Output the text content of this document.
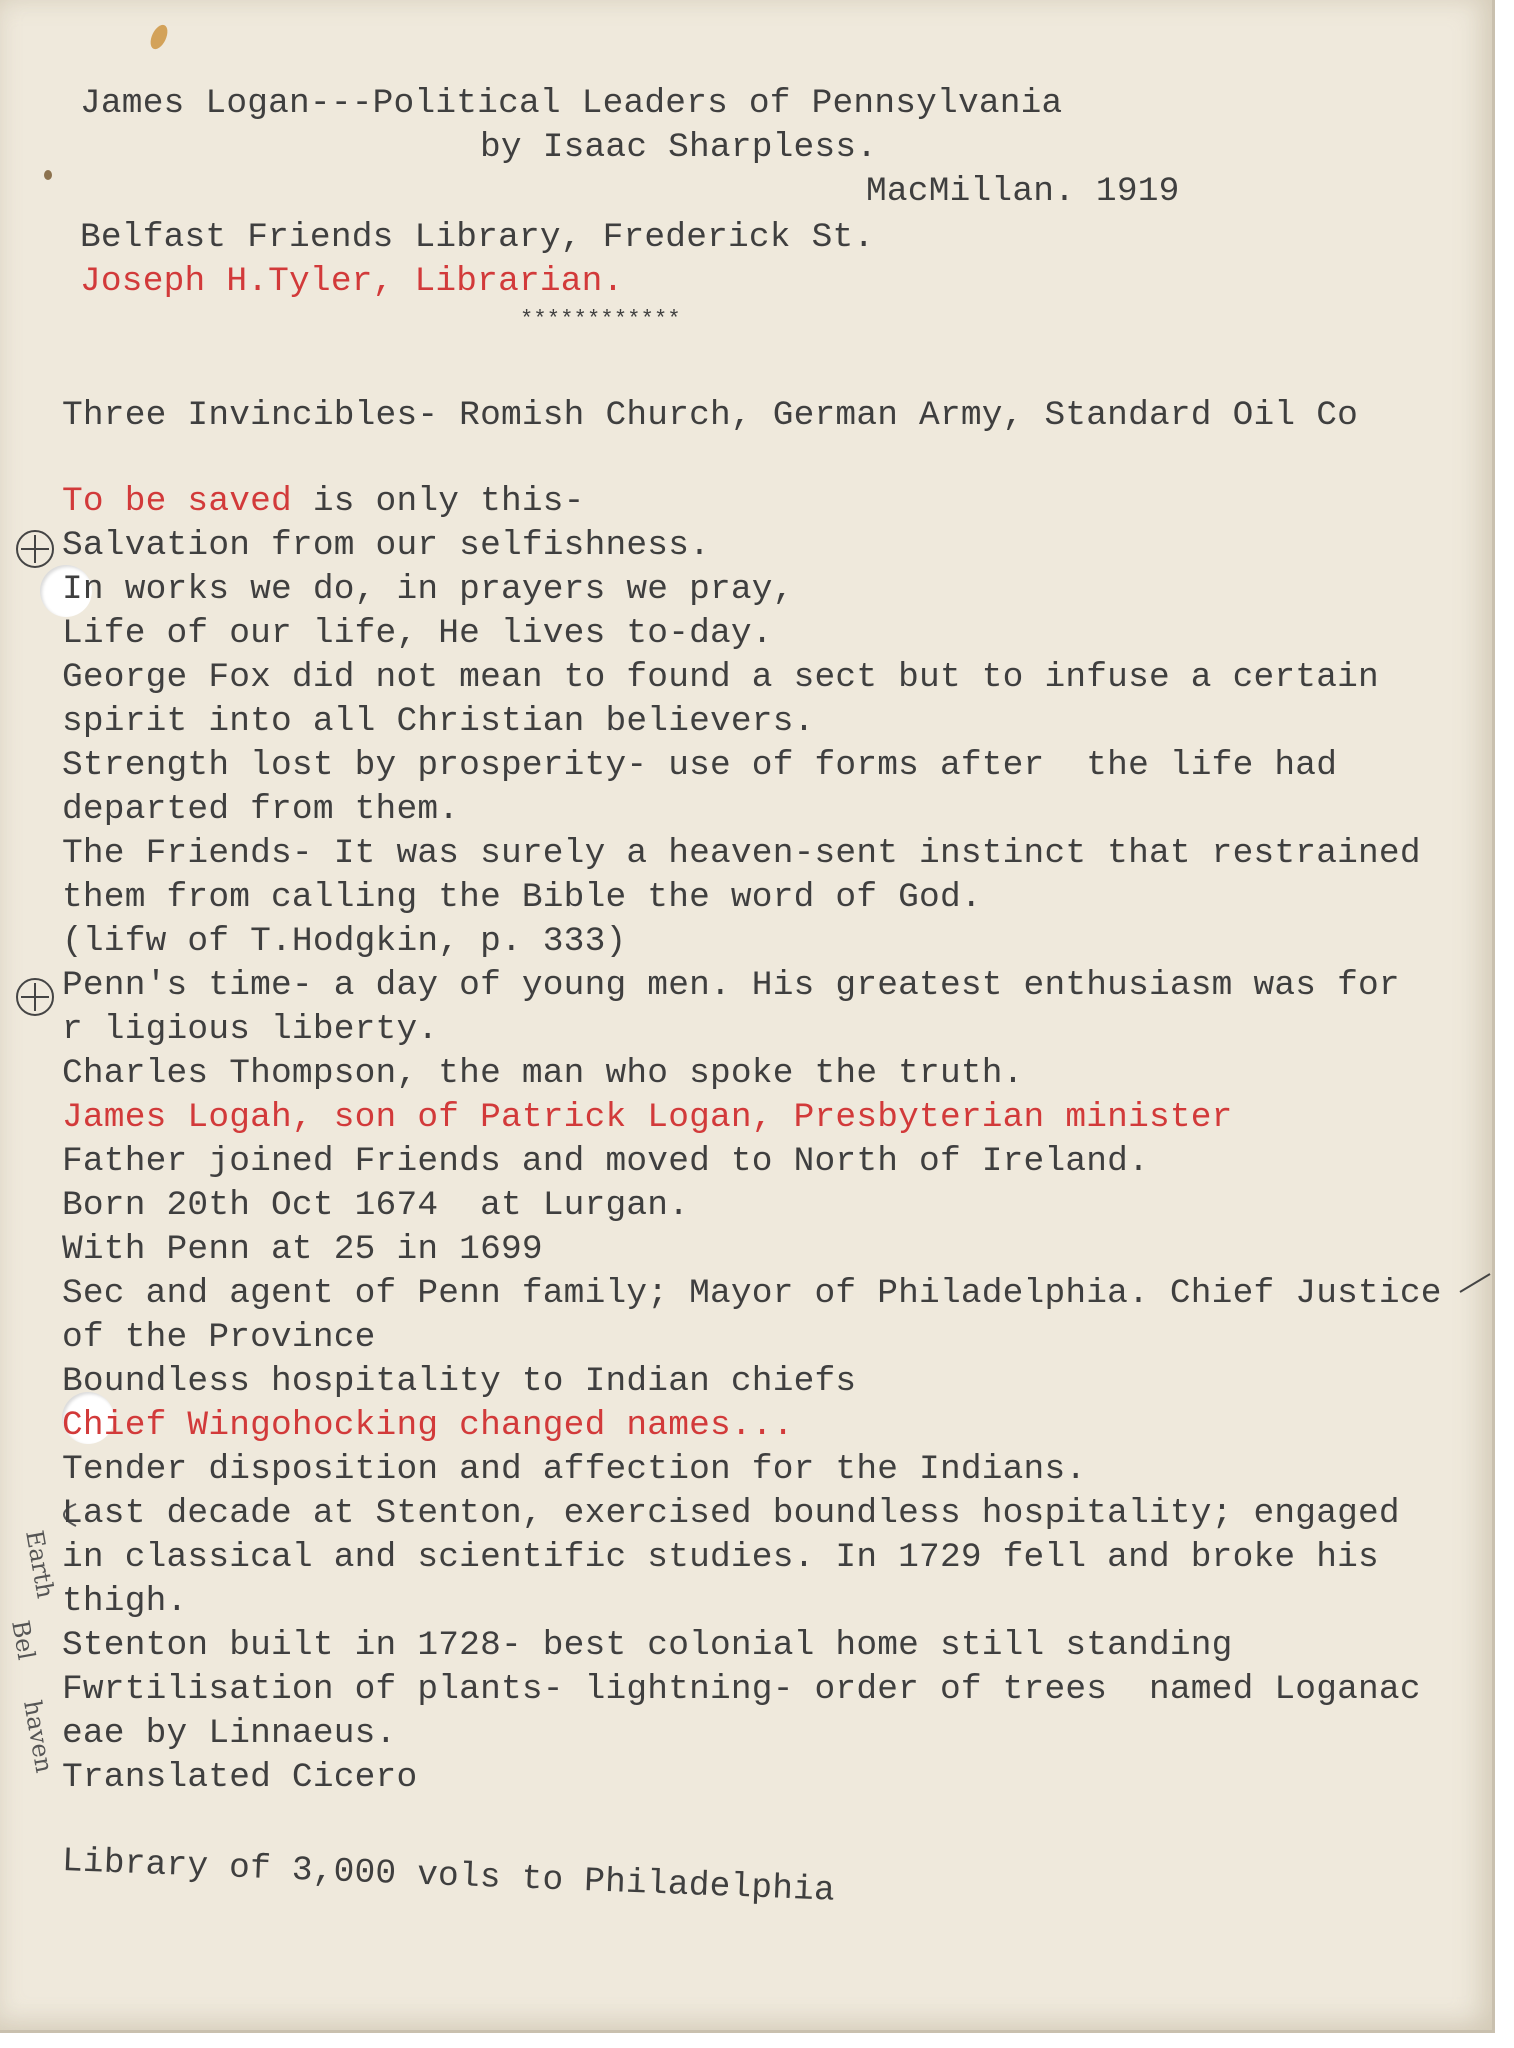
Earth
Bel
haven
James Logan---Political Leaders of Pennsylvania
by Isaac Sharpless.
MacMillan. 1919
Belfast Friends Library, Frederick St.
Joseph H.Tyler, Librarian.
************
Three Invincibles- Romish Church, German Army, Standard Oil Co
To be saved is only this-
Salvation from our selfishness.
In works we do, in prayers we pray,
Life of our life, He lives to-day.
George Fox did not mean to found a sect but to infuse a certain
spirit into all Christian believers.
Strength lost by prosperity- use of forms after  the life had
departed from them.
The Friends- It was surely a heaven-sent instinct that restrained
them from calling the Bible the word of God.
(lifw of T.Hodgkin, p. 333)
Penn's time- a day of young men. His greatest enthusiasm was for
r ligious liberty.
Charles Thompson, the man who spoke the truth.
James Logah, son of Patrick Logan, Presbyterian minister
Father joined Friends and moved to North of Ireland.
Born 20th Oct 1674  at Lurgan.
With Penn at 25 in 1699
Sec and agent of Penn family; Mayor of Philadelphia. Chief Justice
of the Province
Boundless hospitality to Indian chiefs
Chief Wingohocking changed names...
Tender disposition and affection for the Indians.
Last decade at Stenton, exercised boundless hospitality; engaged
in classical and scientific studies. In 1729 fell and broke his
thigh.
Stenton built in 1728- best colonial home still standing
Fwrtilisation of plants- lightning- order of trees  named Loganac
eae by Linnaeus.
Translated Cicero
Library of 3,000 vols to Philadelphia
